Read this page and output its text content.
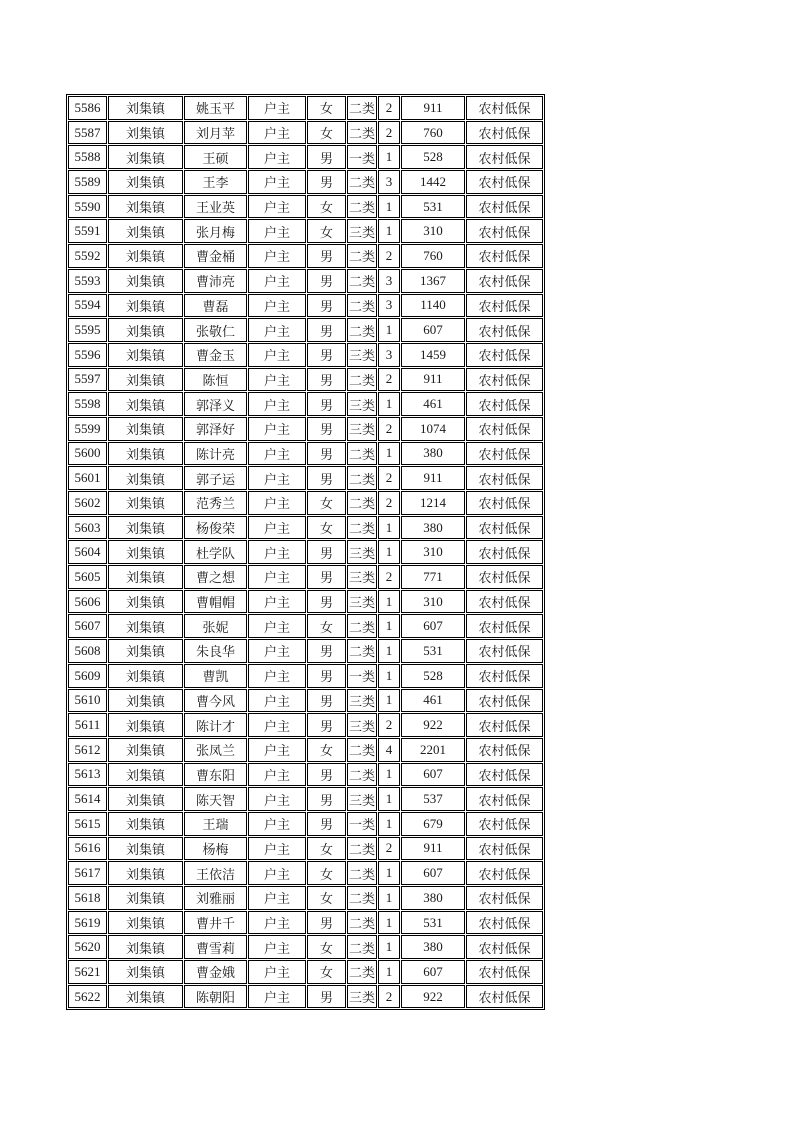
5586	刘集镇	姚玉平	户主	女	二类	2	911	农村低保
5587	刘集镇	刘月苹	户主	女	二类	2	760	农村低保
5588	刘集镇	王硕	户主	男	一类	1	528	农村低保
5589	刘集镇	王李	户主	男	二类	3	1442	农村低保
5590	刘集镇	王业英	户主	女	二类	1	531	农村低保
5591	刘集镇	张月梅	户主	女	三类	1	310	农村低保
5592	刘集镇	曹金桶	户主	男	二类	2	760	农村低保
5593	刘集镇	曹沛亮	户主	男	二类	3	1367	农村低保
5594	刘集镇	曹磊	户主	男	二类	3	1140	农村低保
5595	刘集镇	张敬仁	户主	男	二类	1	607	农村低保
5596	刘集镇	曹金玉	户主	男	三类	3	1459	农村低保
5597	刘集镇	陈恒	户主	男	二类	2	911	农村低保
5598	刘集镇	郭泽义	户主	男	三类	1	461	农村低保
5599	刘集镇	郭泽好	户主	男	三类	2	1074	农村低保
5600	刘集镇	陈计亮	户主	男	二类	1	380	农村低保
5601	刘集镇	郭子运	户主	男	二类	2	911	农村低保
5602	刘集镇	范秀兰	户主	女	二类	2	1214	农村低保
5603	刘集镇	杨俊荣	户主	女	二类	1	380	农村低保
5604	刘集镇	杜学队	户主	男	三类	1	310	农村低保
5605	刘集镇	曹之想	户主	男	三类	2	771	农村低保
5606	刘集镇	曹帽帽	户主	男	三类	1	310	农村低保
5607	刘集镇	张妮	户主	女	二类	1	607	农村低保
5608	刘集镇	朱良华	户主	男	二类	1	531	农村低保
5609	刘集镇	曹凯	户主	男	一类	1	528	农村低保
5610	刘集镇	曹今风	户主	男	三类	1	461	农村低保
5611	刘集镇	陈计才	户主	男	三类	2	922	农村低保
5612	刘集镇	张凤兰	户主	女	二类	4	2201	农村低保
5613	刘集镇	曹东阳	户主	男	二类	1	607	农村低保
5614	刘集镇	陈天智	户主	男	三类	1	537	农村低保
5615	刘集镇	王瑞	户主	男	一类	1	679	农村低保
5616	刘集镇	杨梅	户主	女	二类	2	911	农村低保
5617	刘集镇	王依洁	户主	女	二类	1	607	农村低保
5618	刘集镇	刘雅丽	户主	女	二类	1	380	农村低保
5619	刘集镇	曹井千	户主	男	二类	1	531	农村低保
5620	刘集镇	曹雪莉	户主	女	二类	1	380	农村低保
5621	刘集镇	曹金娥	户主	女	二类	1	607	农村低保
5622	刘集镇	陈朝阳	户主	男	三类	2	922	农村低保
